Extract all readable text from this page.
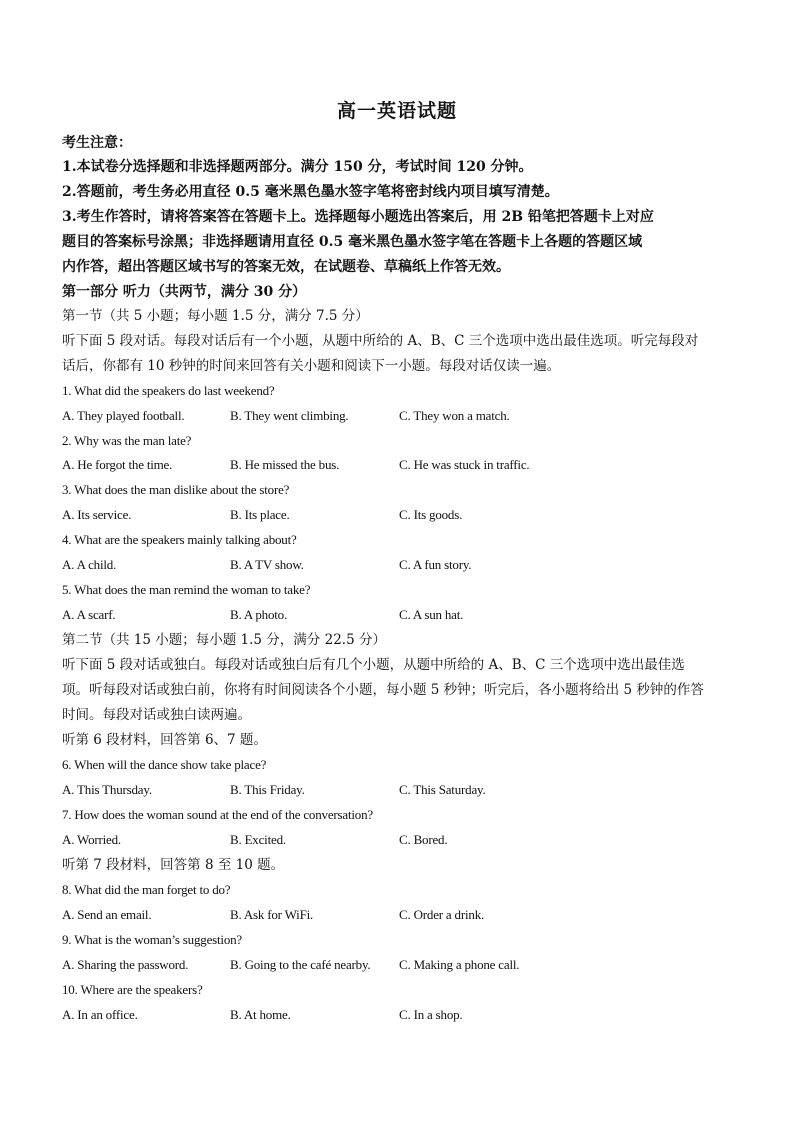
高一英语试题
考生注意：
1.本试卷分选择题和非选择题两部分。满分 150 分，考试时间 120 分钟。
2.答题前，考生务必用直径 0.5 毫米黑色墨水签字笔将密封线内项目填写清楚。
3.考生作答时，请将答案答在答题卡上。选择题每小题选出答案后，用 2B 铅笔把答题卡上对应
题目的答案标号涂黑；非选择题请用直径 0.5 毫米黑色墨水签字笔在答题卡上各题的答题区域
内作答，超出答题区域书写的答案无效，在试题卷、草稿纸上作答无效。
第一部分 听力（共两节，满分 30 分）
第一节（共 5 小题；每小题 1.5 分，满分 7.5 分）
听下面 5 段对话。每段对话后有一个小题，从题中所给的 A、B、C 三个选项中选出最佳选项。听完每段对
话后，你都有 10 秒钟的时间来回答有关小题和阅读下一小题。每段对话仅读一遍。
1. What did the speakers do last weekend?
A. They played football.	B. They went climbing.	C. They won a match.
2. Why was the man late?
A. He forgot the time.	B. He missed the bus.	C. He was stuck in traffic.
3. What does the man dislike about the store?
A. Its service.	B. Its place.	C. Its goods.
4. What are the speakers mainly talking about?
A. A child.	B. A TV show.	C. A fun story.
5. What does the man remind the woman to take?
A. A scarf.	B. A photo.	C. A sun hat.
第二节（共 15 小题；每小题 1.5 分，满分 22.5 分）
听下面 5 段对话或独白。每段对话或独白后有几个小题，从题中所给的 A、B、C 三个选项中选出最佳选
项。听每段对话或独白前，你将有时间阅读各个小题，每小题 5 秒钟；听完后，各小题将给出 5 秒钟的作答
时间。每段对话或独白读两遍。
听第 6 段材料，回答第 6、7 题。
6. When will the dance show take place?
A. This Thursday.	B. This Friday.	C. This Saturday.
7. How does the woman sound at the end of the conversation?
A. Worried.	B. Excited.	C. Bored.
听第 7 段材料，回答第 8 至 10 题。
8. What did the man forget to do?
A. Send an email.	B. Ask for WiFi.	C. Order a drink.
9. What is the woman’s suggestion?
A. Sharing the password.	B. Going to the café nearby. C. Making a phone call.
10. Where are the speakers?
A. In an office.	B. At home.	C. In a shop.
